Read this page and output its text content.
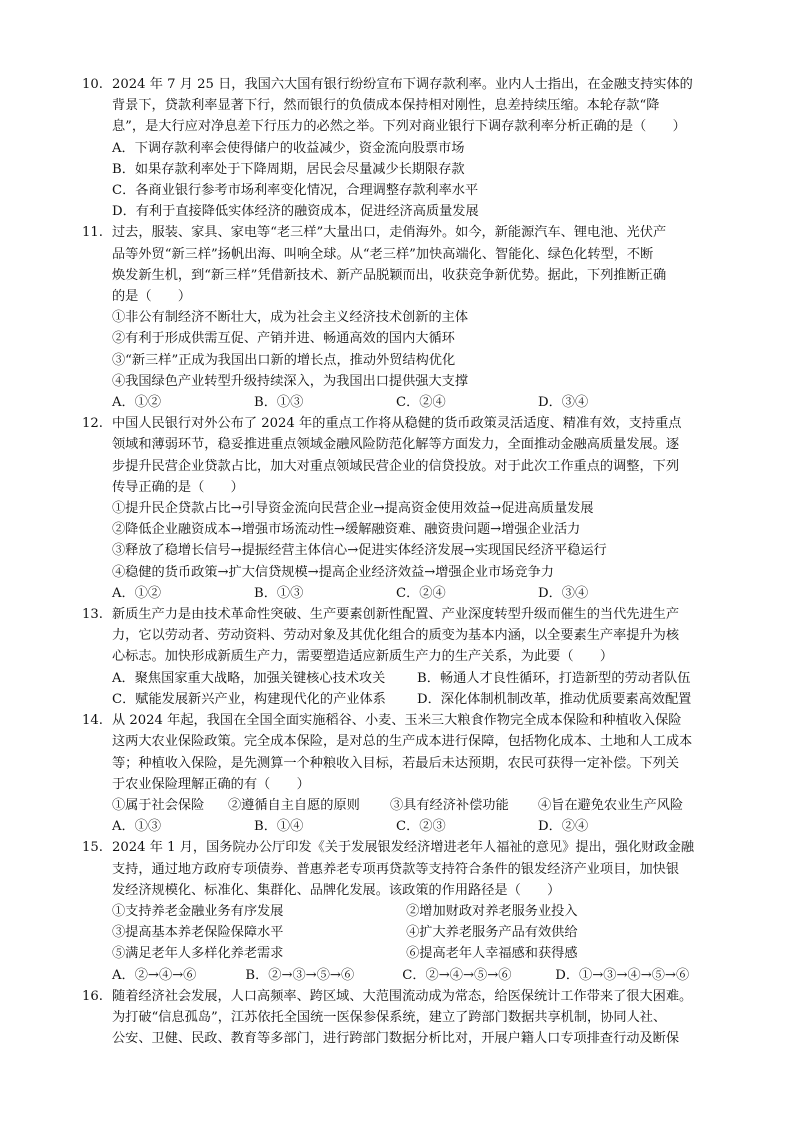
10. 2024 年 7 月 25 日，我国六大国有银行纷纷宣布下调存款利率。业内人士指出，在金融支持实体的
背景下，贷款利率显著下行，然而银行的负债成本保持相对刚性，息差持续压缩。本轮存款“降
息”，是大行应对净息差下行压力的必然之举。下列对商业银行下调存款利率分析正确的是（　　）
A．下调存款利率会使得储户的收益减少，资金流向股票市场
B．如果存款利率处于下降周期，居民会尽量减少长期限存款
C．各商业银行参考市场利率变化情况，合理调整存款利率水平
D．有利于直接降低实体经济的融资成本，促进经济高质量发展
11. 过去，服装、家具、家电等“老三样”大量出口，走俏海外。如今，新能源汽车、锂电池、光伏产
品等外贸“新三样”扬帆出海、叫响全球。从“老三样”加快高端化、智能化、绿色化转型，不断
焕发新生机，到“新三样”凭借新技术、新产品脱颖而出，收获竞争新优势。据此，下列推断正确
的是（　　）
①非公有制经济不断壮大，成为社会主义经济技术创新的主体
②有利于形成供需互促、产销并进、畅通高效的国内大循环
③“新三样”正成为我国出口新的增长点，推动外贸结构优化
④我国绿色产业转型升级持续深入，为我国出口提供强大支撑
A．①②	B．①③	C．②④	D．③④
12. 中国人民银行对外公布了 2024 年的重点工作将从稳健的货币政策灵活适度、精准有效，支持重点
领域和薄弱环节，稳妥推进重点领域金融风险防范化解等方面发力，全面推动金融高质量发展。逐
步提升民营企业贷款占比，加大对重点领域民营企业的信贷投放。对于此次工作重点的调整，下列
传导正确的是（　　）
①提升民企贷款占比→引导资金流向民营企业→提高资金使用效益→促进高质量发展
②降低企业融资成本→增强市场流动性→缓解融资难、融资贵问题→增强企业活力
③释放了稳增长信号→提振经营主体信心→促进实体经济发展→实现国民经济平稳运行
④稳健的货币政策→扩大信贷规模→提高企业经济效益→增强企业市场竞争力
A．①②	B．①③	C．②④	D．③④
13. 新质生产力是由技术革命性突破、生产要素创新性配置、产业深度转型升级而催生的当代先进生产
力，它以劳动者、劳动资料、劳动对象及其优化组合的质变为基本内涵，以全要素生产率提升为核
心标志。加快形成新质生产力，需要塑造适应新质生产力的生产关系，为此要（　　）
A．聚焦国家重大战略，加强关键核心技术攻关	B．畅通人才良性循环，打造新型的劳动者队伍
C．赋能发展新兴产业，构建现代化的产业体系	D．深化体制机制改革，推动优质要素高效配置
14. 从 2024 年起，我国在全国全面实施稻谷、小麦、玉米三大粮食作物完全成本保险和种植收入保险
这两大农业保险政策。完全成本保险，是对总的生产成本进行保障，包括物化成本、土地和人工成本
等；种植收入保险，是先测算一个种粮收入目标，若最后未达预期，农民可获得一定补偿。下列关
于农业保险理解正确的有（　　）
①属于社会保险	②遵循自主自愿的原则	③具有经济补偿功能	④旨在避免农业生产风险
A．①③	B．①④	C．②③	D．②④
15. 2024 年 1 月，国务院办公厅印发《关于发展银发经济增进老年人福祉的意见》提出，强化财政金融
支持，通过地方政府专项债券、普惠养老专项再贷款等支持符合条件的银发经济产业项目，加快银
发经济规模化、标准化、集群化、品牌化发展。该政策的作用路径是（　　）
①支持养老金融业务有序发展	②增加财政对养老服务业投入
③提高基本养老保险保障水平	④扩大养老服务产品有效供给
⑤满足老年人多样化养老需求	⑥提高老年人幸福感和获得感
A．②→④→⑥	B．②→③→⑤→⑥	C．②→④→⑤→⑥	D．①→③→④→⑤→⑥
16. 随着经济社会发展，人口高频率、跨区域、大范围流动成为常态，给医保统计工作带来了很大困难。
为打破“信息孤岛”，江苏依托全国统一医保参保系统，建立了跨部门数据共享机制，协同人社、
公安、卫健、民政、教育等多部门，进行跨部门数据分析比对，开展户籍人口专项排查行动及断保
